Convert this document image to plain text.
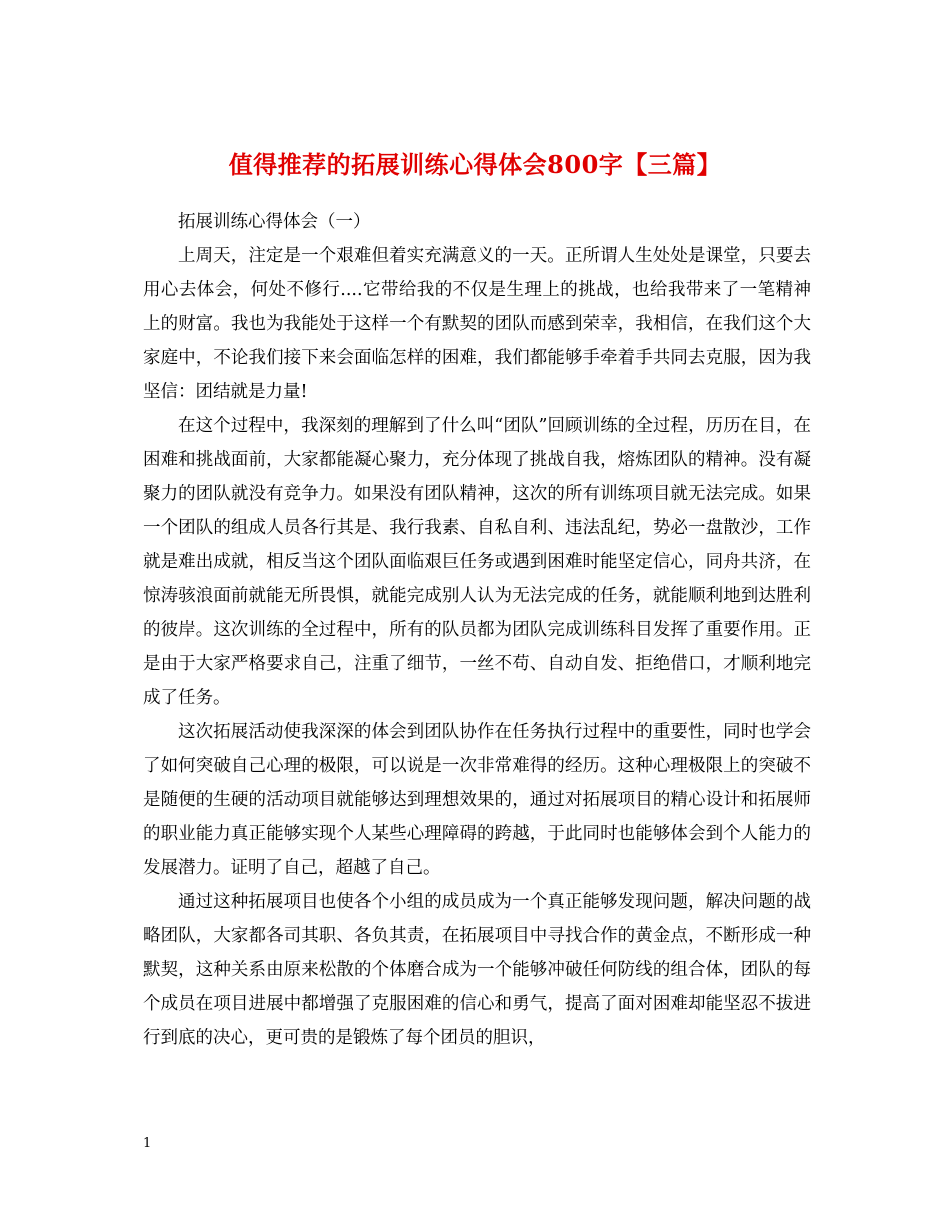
值得推荐的拓展训练心得体会800字【三篇】

拓展训练心得体会（一）

上周天，注定是一个艰难但着实充满意义的一天。正所谓人生处处是课堂，只要去用心去体会，何处不修行....它带给我的不仅是生理上的挑战，也给我带来了一笔精神上的财富。我也为我能处于这样一个有默契的团队而感到荣幸，我相信，在我们这个大家庭中，不论我们接下来会面临怎样的困难，我们都能够手牵着手共同去克服，因为我坚信：团结就是力量!

在这个过程中，我深刻的理解到了什么叫“团队”回顾训练的全过程，历历在目，在困难和挑战面前，大家都能凝心聚力，充分体现了挑战自我，熔炼团队的精神。没有凝聚力的团队就没有竞争力。如果没有团队精神，这次的所有训练项目就无法完成。如果一个团队的组成人员各行其是、我行我素、自私自利、违法乱纪，势必一盘散沙，工作就是难出成就，相反当这个团队面临艰巨任务或遇到困难时能坚定信心，同舟共济，在惊涛骇浪面前就能无所畏惧，就能完成别人认为无法完成的任务，就能顺利地到达胜利的彼岸。这次训练的全过程中，所有的队员都为团队完成训练科目发挥了重要作用。正是由于大家严格要求自己，注重了细节，一丝不苟、自动自发、拒绝借口，才顺利地完成了任务。

这次拓展活动使我深深的体会到团队协作在任务执行过程中的重要性，同时也学会了如何突破自己心理的极限，可以说是一次非常难得的经历。这种心理极限上的突破不是随便的生硬的活动项目就能够达到理想效果的，通过对拓展项目的精心设计和拓展师的职业能力真正能够实现个人某些心理障碍的跨越，于此同时也能够体会到个人能力的发展潜力。证明了自己，超越了自己。

通过这种拓展项目也使各个小组的成员成为一个真正能够发现问题，解决问题的战略团队，大家都各司其职、各负其责，在拓展项目中寻找合作的黄金点，不断形成一种默契，这种关系由原来松散的个体磨合成为一个能够冲破任何防线的组合体，团队的每个成员在项目进展中都增强了克服困难的信心和勇气，提高了面对困难却能坚忍不拔进行到底的决心，更可贵的是锻炼了每个团员的胆识，

1
